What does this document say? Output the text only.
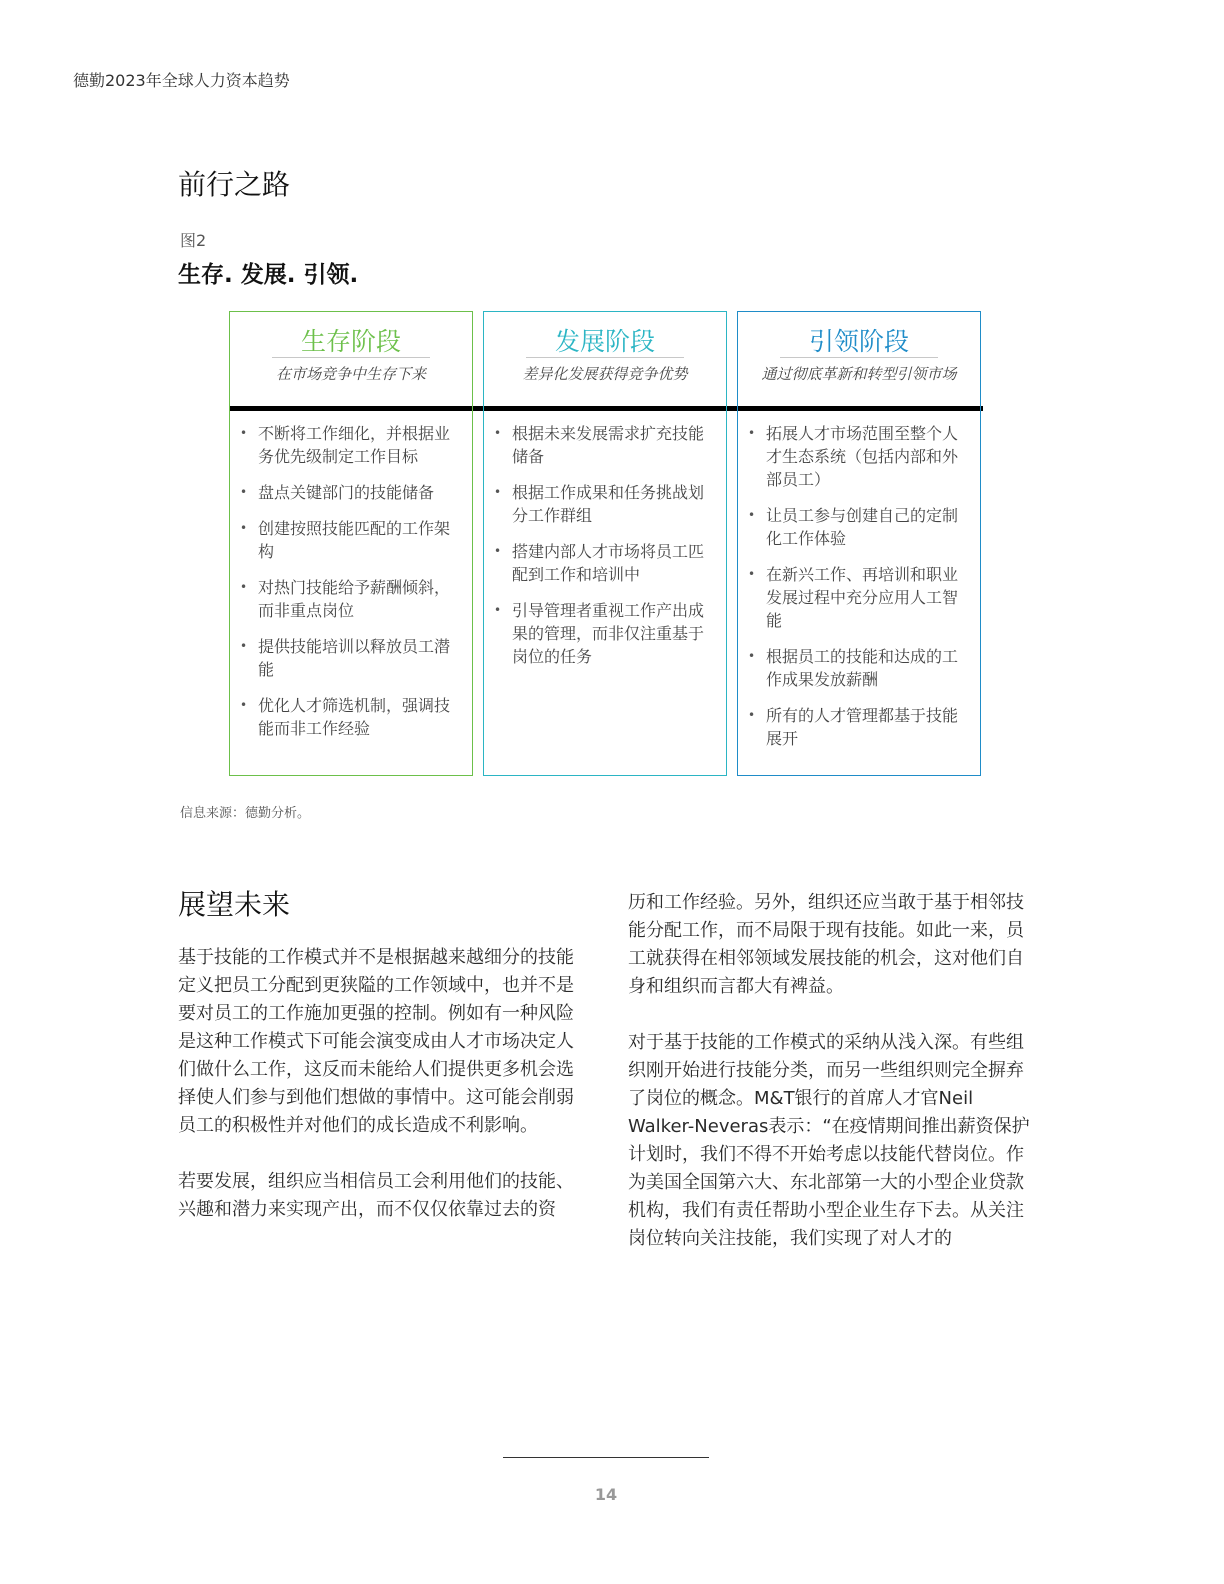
德勤2023年全球人力资本趋势
前行之路
图2
生存. 发展. 引领.
生存阶段
在市场竞争中生存下来
• 不断将工作细化，并根据业务优先级制定工作目标
• 盘点关键部门的技能储备
• 创建按照技能匹配的工作架构
• 对热门技能给予薪酬倾斜，而非重点岗位
• 提供技能培训以释放员工潜能
• 优化人才筛选机制，强调技能而非工作经验
发展阶段
差异化发展获得竞争优势
• 根据未来发展需求扩充技能储备
• 根据工作成果和任务挑战划分工作群组
• 搭建内部人才市场将员工匹配到工作和培训中
• 引导管理者重视工作产出成果的管理，而非仅注重基于岗位的任务
引领阶段
通过彻底革新和转型引领市场
• 拓展人才市场范围至整个人才生态系统（包括内部和外部员工）
• 让员工参与创建自己的定制化工作体验
• 在新兴工作、再培训和职业发展过程中充分应用人工智能
• 根据员工的技能和达成的工作成果发放薪酬
• 所有的人才管理都基于技能展开
信息来源：德勤分析。
展望未来

基于技能的工作模式并不是根据越来越细分的技能定义把员工分配到更狭隘的工作领域中，也并不是要对员工的工作施加更强的控制。例如有一种风险是这种工作模式下可能会演变成由人才市场决定人们做什么工作，这反而未能给人们提供更多机会选择使人们参与到他们想做的事情中。这可能会削弱员工的积极性并对他们的成长造成不利影响。

若要发展，组织应当相信员工会利用他们的技能、兴趣和潜力来实现产出，而不仅仅依靠过去的资

历和工作经验。另外，组织还应当敢于基于相邻技能分配工作，而不局限于现有技能。如此一来，员工就获得在相邻领域发展技能的机会，这对他们自身和组织而言都大有裨益。

对于基于技能的工作模式的采纳从浅入深。有些组织刚开始进行技能分类，而另一些组织则完全摒弃了岗位的概念。M&T银行的首席人才官Neil Walker-Neveras表示：“在疫情期间推出薪资保护计划时，我们不得不开始考虑以技能代替岗位。作为美国全国第六大、东北部第一大的小型企业贷款机构，我们有责任帮助小型企业生存下去。从关注岗位转向关注技能，我们实现了对人才的

14
